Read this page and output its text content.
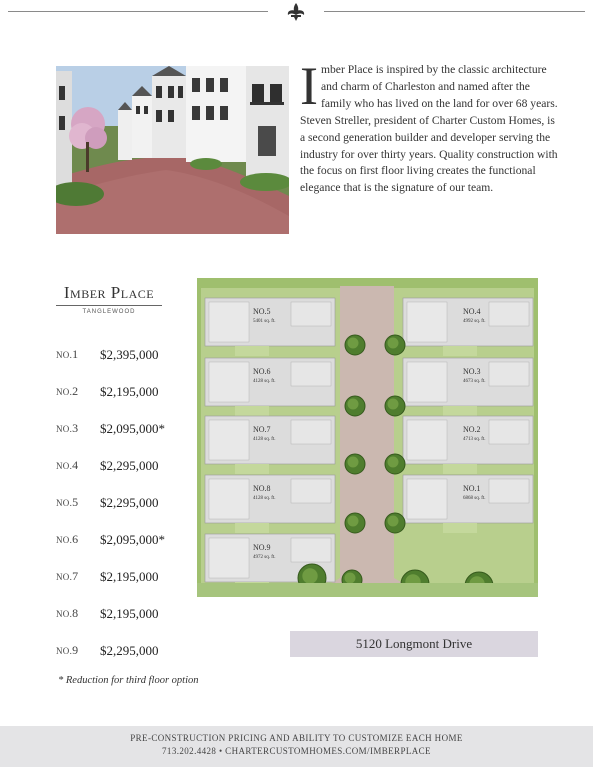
I mber Place is inspired by the classic architecture and charm of Charleston and named after the family who has lived on the land for over 68 years. Steven Streller, president of Charter Custom Homes, is a second generation builder and developer serving the industry for over thirty years. Quality construction with the focus on first floor living creates the functional elegance that is the signature of our team.
Imber Place
TANGLEWOOD
NO.1	$2,395,000
NO.2	$2,195,000
NO.3	$2,095,000*
NO.4	$2,295,000
NO.5	$2,295,000
NO.6	$2,095,000*
NO.7	$2,195,000
NO.8	$2,195,000
NO.9	$2,295,000
NO.5
5401 sq. ft.
NO.6
4128 sq. ft.
NO.7
4128 sq. ft.
NO.8
4128 sq. ft.
NO.9
4972 sq. ft.
NO.4
4992 sq. ft.
NO.3
4673 sq. ft.
NO.2
4713 sq. ft.
NO.1
6868 sq. ft.
5120 Longmont Drive
* Reduction for third floor option
PRE-CONSTRUCTION PRICING AND ABILITY TO CUSTOMIZE EACH HOME
713.202.4428 • CHARTERCUSTOMHOMES.COM/IMBERPLACE
